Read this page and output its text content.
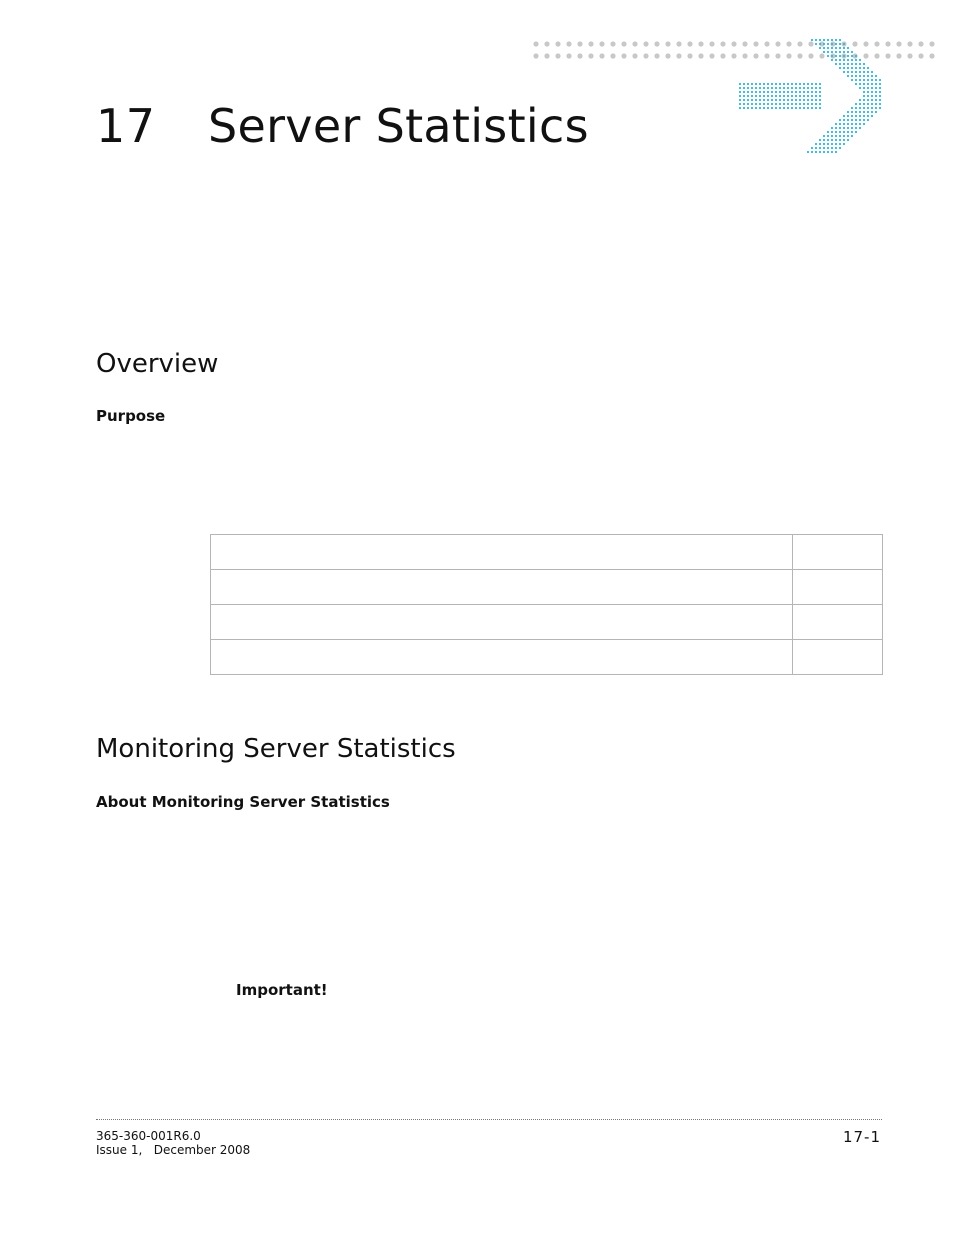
17 Server Statistics
Overview
Purpose

Monitoring Server Statistics
About Monitoring Server Statistics
Important!
365-360-001R6.0
Issue 1,   December 2008
17-1
